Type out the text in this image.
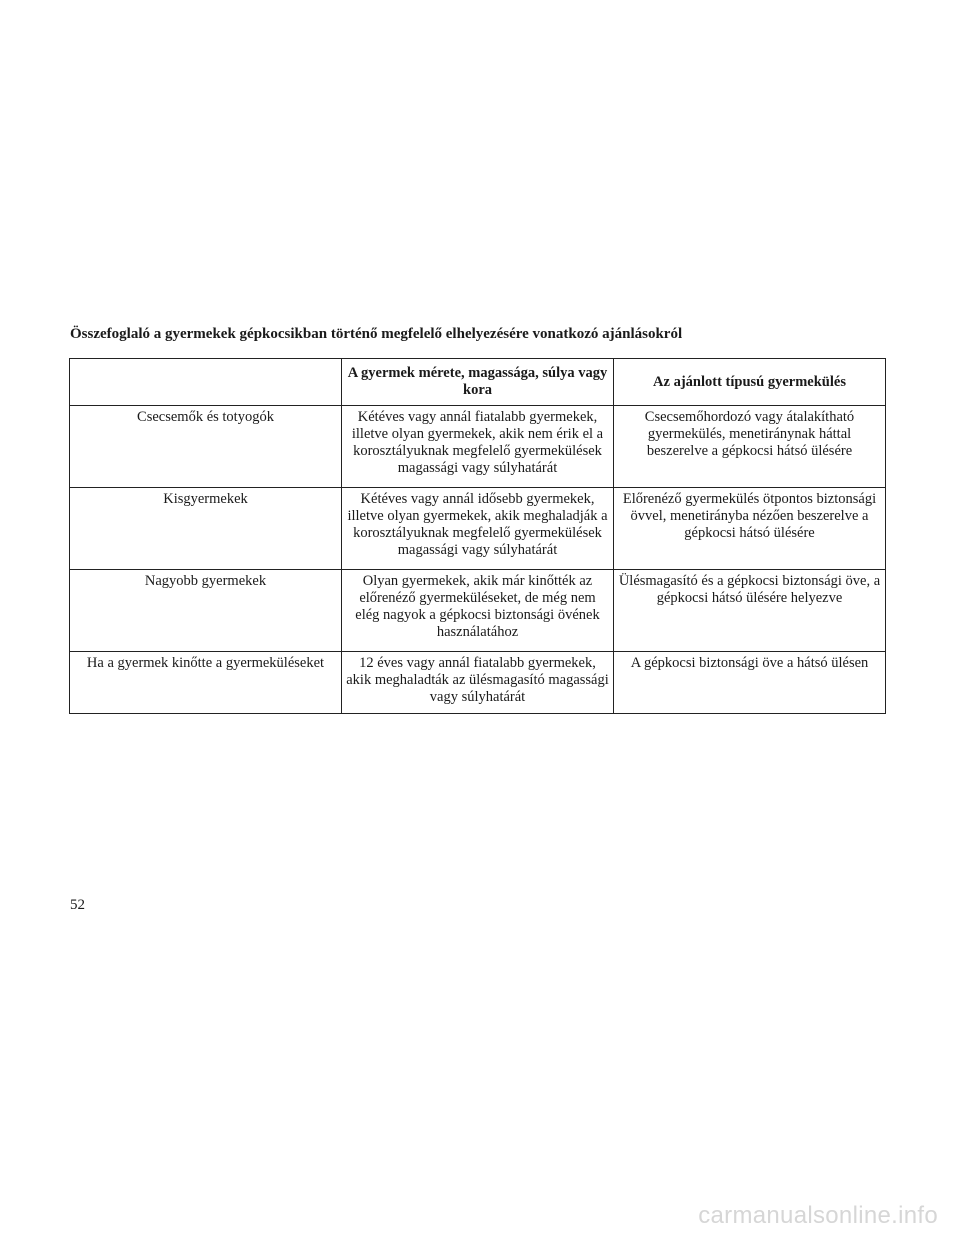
Összefoglaló a gyermekek gépkocsikban történő megfelelő elhelyezésére vonatkozó ajánlásokról
	A gyermek mérete, magassága, súlya vagy kora	Az ajánlott típusú gyermekülés
Csecsemők és totyogók	Kétéves vagy annál fiatalabb gyermekek, illetve olyan gyermekek, akik nem érik el a korosztályuknak megfelelő gyermekülések magassági vagy súlyhatárát	Csecsemőhordozó vagy átalakítható gyermekülés, menetiránynak háttal beszerelve a gépkocsi hátsó ülésére
Kisgyermekek	Kétéves vagy annál idősebb gyermekek, illetve olyan gyermekek, akik meghaladják a korosztályuknak megfelelő gyermekülések magassági vagy súlyhatárát	Előrenéző gyermekülés ötpontos biztonsági övvel, menetirányba nézően beszerelve a gépkocsi hátsó ülésére
Nagyobb gyermekek	Olyan gyermekek, akik már kinőtték az előrenéző gyermeküléseket, de még nem elég nagyok a gépkocsi biztonsági övének használatához	Ülésmagasító és a gépkocsi biztonsági öve, a gépkocsi hátsó ülésére helyezve
Ha a gyermek kinőtte a gyermeküléseket	12 éves vagy annál fiatalabb gyermekek, akik meghaladták az ülésmagasító magassági vagy súlyhatárát	A gépkocsi biztonsági öve a hátsó ülésen
52
carmanualsonline.info
